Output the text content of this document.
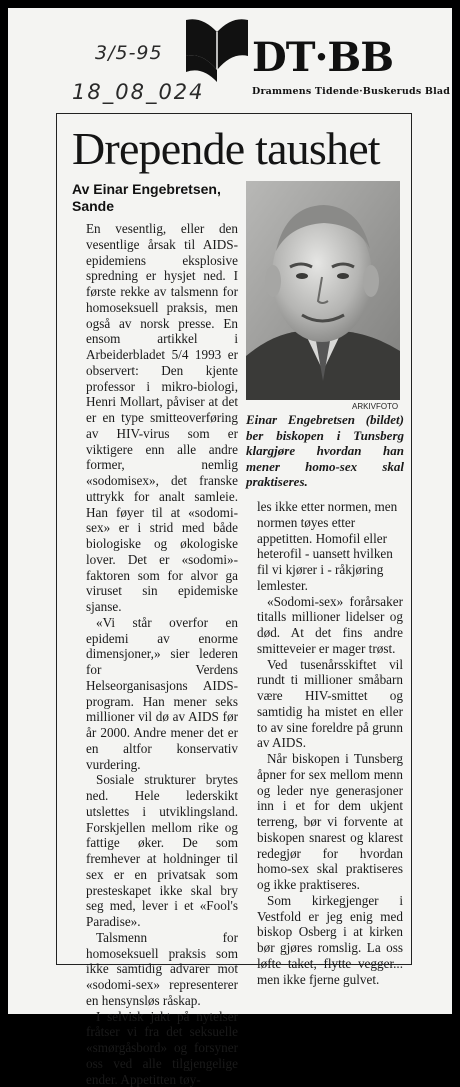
3/5-95
18_08_024
DT·BB
Drammens Tidende·Buskeruds Blad
Drepende taushet
Av Einar Engebretsen, Sande
ARKIVFOTO
Einar Engebretsen (bildet) ber biskopen i Tunsberg klargjøre hvordan han mener homo-sex skal praktiseres.

En vesentlig, eller den vesentlige årsak til AIDS-epidemiens eksplosive spredning er hysjet ned. I første rekke av talsmenn for homoseksuell praksis, men også av norsk presse. En ensom artikkel i Arbeiderbladet 5/4 1993 er observert: Den kjente professor i mikro-biologi, Henri Mollart, påviser at det er en type smitteoverføring av HIV-virus som er viktigere enn alle andre former, nemlig «sodomisex», det franske uttrykk for analt samleie. Han føyer til at «sodomi-sex» er i strid med både biologiske og økologiske lover. Det er «sodomi»-faktoren som for alvor ga viruset sin epidemiske sjanse.

«Vi står overfor en epidemi av enorme dimensjoner,» sier lederen for Verdens Helseorganisasjons AIDS-program. Han mener seks millioner vil dø av AIDS før år 2000. Andre mener det er en altfor konservativ vurdering.

Sosiale strukturer brytes ned. Hele lederskikt utslettes i utviklingsland. Forskjellen mellom rike og fattige øker. De som fremhever at holdninger til sex er en privatsak som presteskapet ikke skal bry seg med, lever i et «Fool's Paradise».

Talsmenn for homoseksuell praksis som ikke samtidig advarer mot «sodomi-sex» representerer en hensynsløs råskap.

I selvisk jakt på nytelser fråtser vi fra det seksuelle «smørgåsbord» og forsyner oss ved alle tilgjengelige ender. Appetitten tøy-

les ikke etter normen, men normen tøyes etter appetitten. Homofil eller heterofil - uansett hvilken fil vi kjører i - råkjøring lemlester.

«Sodomi-sex» forårsaker titalls millioner lidelser og død. At det fins andre smitteveier er mager trøst.

Ved tusenårsskiftet vil rundt ti millioner småbarn være HIV-smittet og samtidig ha mistet en eller to av sine foreldre på grunn av AIDS.

Når biskopen i Tunsberg åpner for sex mellom menn og leder nye generasjoner inn i et for dem ukjent terreng, bør vi forvente at biskopen snarest og klarest redegjør for hvordan homo-sex skal praktiseres og ikke praktiseres.

Som kirkegjenger i Vestfold er jeg enig med biskop Osberg i at kirken bør gjøres romslig. La oss løfte taket, flytte vegger... men ikke fjerne gulvet.
